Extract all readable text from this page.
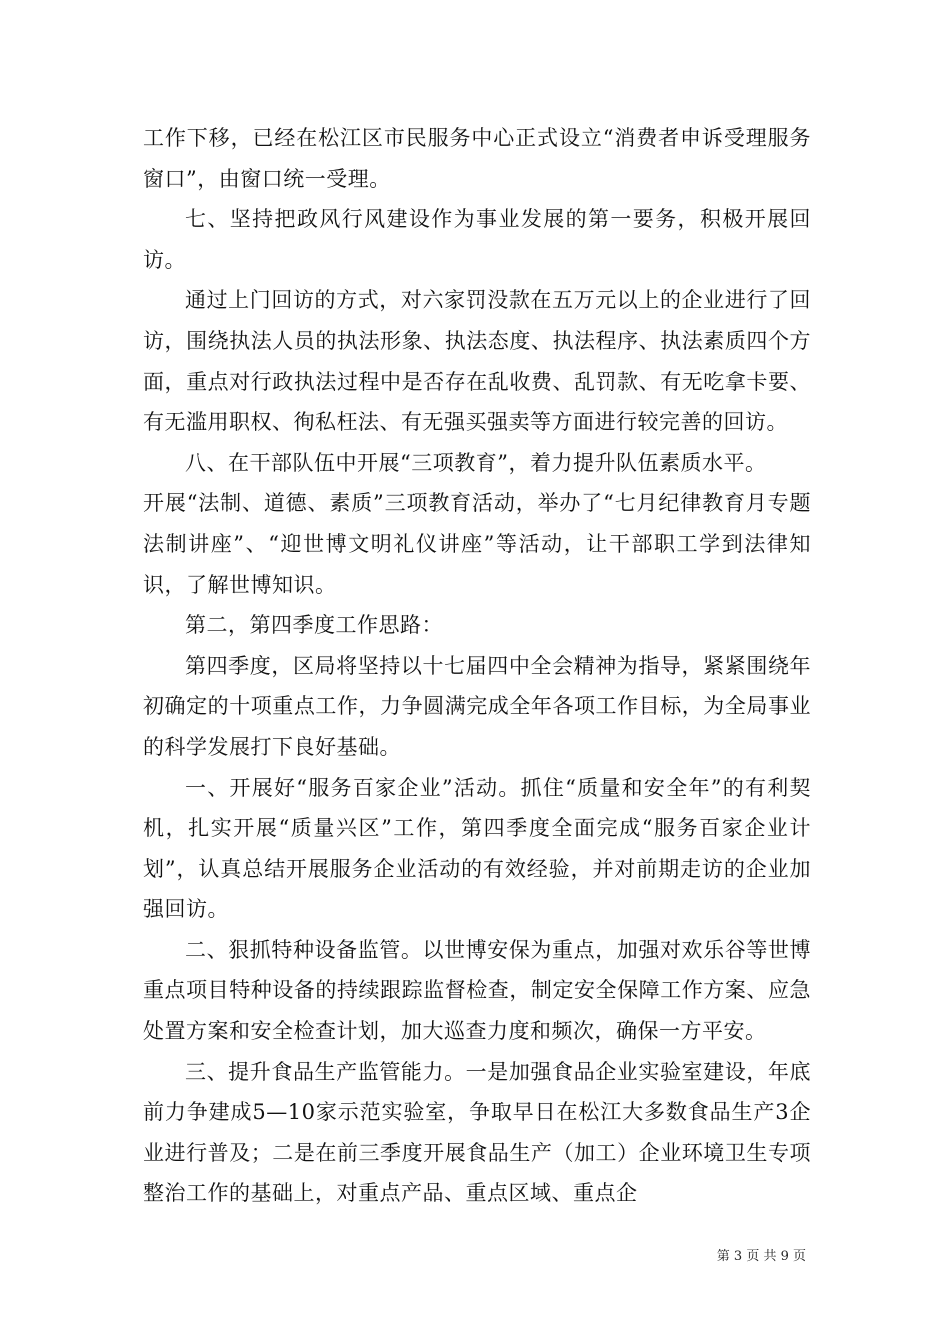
工作下移，已经在松江区市民服务中心正式设立“消费者申诉受理服务窗口”，由窗口统一受理。

七、坚持把政风行风建设作为事业发展的第一要务，积极开展回访。

通过上门回访的方式，对六家罚没款在五万元以上的企业进行了回访，围绕执法人员的执法形象、执法态度、执法程序、执法素质四个方面，重点对行政执法过程中是否存在乱收费、乱罚款、有无吃拿卡要、有无滥用职权、徇私枉法、有无强买强卖等方面进行较完善的回访。

八、在干部队伍中开展“三项教育”，着力提升队伍素质水平。

开展“法制、道德、素质”三项教育活动，举办了“七月纪律教育月专题法制讲座”、“迎世博文明礼仪讲座”等活动，让干部职工学到法律知识，了解世博知识。

第二，第四季度工作思路：

第四季度，区局将坚持以十七届四中全会精神为指导，紧紧围绕年初确定的十项重点工作，力争圆满完成全年各项工作目标，为全局事业的科学发展打下良好基础。

一、开展好“服务百家企业”活动。抓住“质量和安全年”的有利契机，扎实开展“质量兴区”工作，第四季度全面完成“服务百家企业计划”，认真总结开展服务企业活动的有效经验，并对前期走访的企业加强回访。

二、狠抓特种设备监管。以世博安保为重点，加强对欢乐谷等世博重点项目特种设备的持续跟踪监督检查，制定安全保障工作方案、应急处置方案和安全检查计划，加大巡查力度和频次，确保一方平安。

三、提升食品生产监管能力。一是加强食品企业实验室建设，年底前力争建成5—10家示范实验室，争取早日在松江大多数食品生产3企业进行普及；二是在前三季度开展食品生产（加工）企业环境卫生专项整治工作的基础上，对重点产品、重点区域、重点企

第 3 页 共 9 页
